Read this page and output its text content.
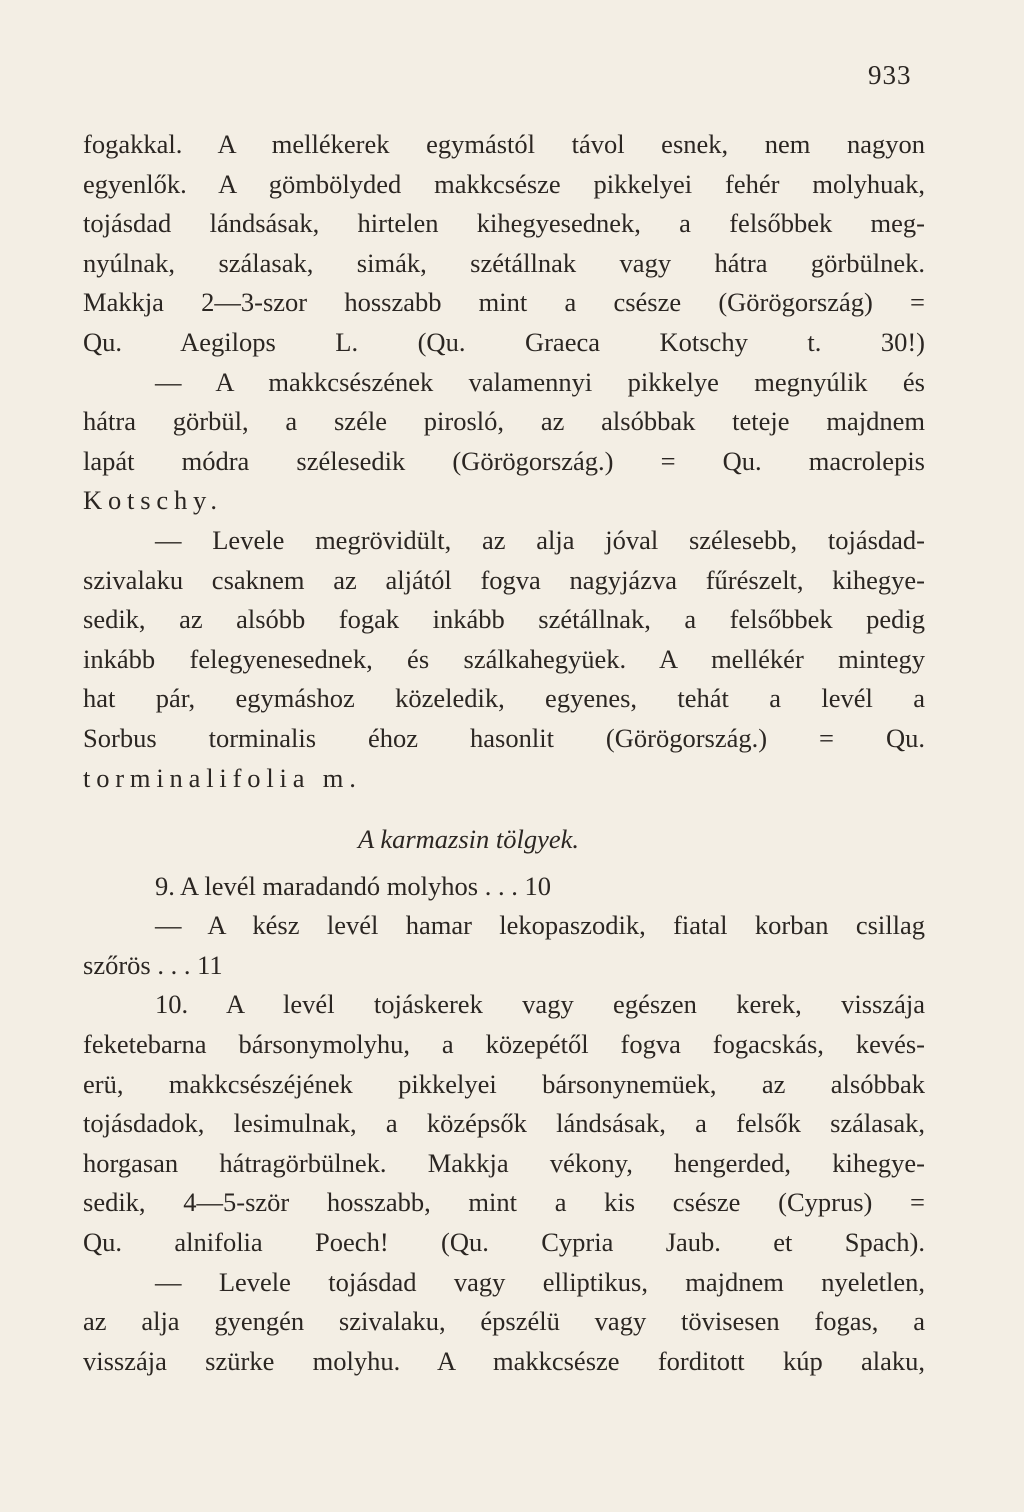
933
fogakkal. A mellékerek egymástól távol esnek, nem nagyon
egyenlők. A gömbölyded makkcsésze pikkelyei fehér molyhuak,
tojásdad lándsásak, hirtelen kihegyesednek, a felsőbbek meg-
nyúlnak, szálasak, simák, szétállnak vagy hátra görbülnek.
Makkja 2—3-szor hosszabb mint a csésze (Görögország) =
Qu. Aegilops L. (Qu. Graeca Kotschy t. 30!)
— A makkcsészének valamennyi pikkelye megnyúlik és
hátra görbül, a széle pirosló, az alsóbbak teteje majdnem
lapát módra szélesedik (Görögország.) = Qu. macrolepis
Kotschy.
— Levele megrövidült, az alja jóval szélesebb, tojásdad-
szivalaku csaknem az aljától fogva nagyjázva fűrészelt, kihegye-
sedik, az alsóbb fogak inkább szétállnak, a felsőbbek pedig
inkább felegyenesednek, és szálkahegyüek. A mellékér mintegy
hat pár, egymáshoz közeledik, egyenes, tehát a levél a
Sorbus torminalis éhoz hasonlit (Görögország.) = Qu.
torminalifolia m.
A karmazsin tölgyek.
9. A levél maradandó molyhos . . . 10
— A kész levél hamar lekopaszodik, fiatal korban csillag
szőrös . . . 11
10. A levél tojáskerek vagy egészen kerek, visszája
feketebarna bársonymolyhu, a közepétől fogva fogacskás, kevés-
erü, makkcsészéjének pikkelyei bársonynemüek, az alsóbbak
tojásdadok, lesimulnak, a középsők lándsásak, a felsők szálasak,
horgasan hátragörbülnek. Makkja vékony, hengerded, kihegye-
sedik, 4—5-ször hosszabb, mint a kis csésze (Cyprus) =
Qu. alnifolia Poech! (Qu. Cypria Jaub. et Spach).
— Levele tojásdad vagy elliptikus, majdnem nyeletlen,
az alja gyengén szivalaku, épszélü vagy tövisesen fogas, a
visszája szürke molyhu. A makkcsésze forditott kúp alaku,
